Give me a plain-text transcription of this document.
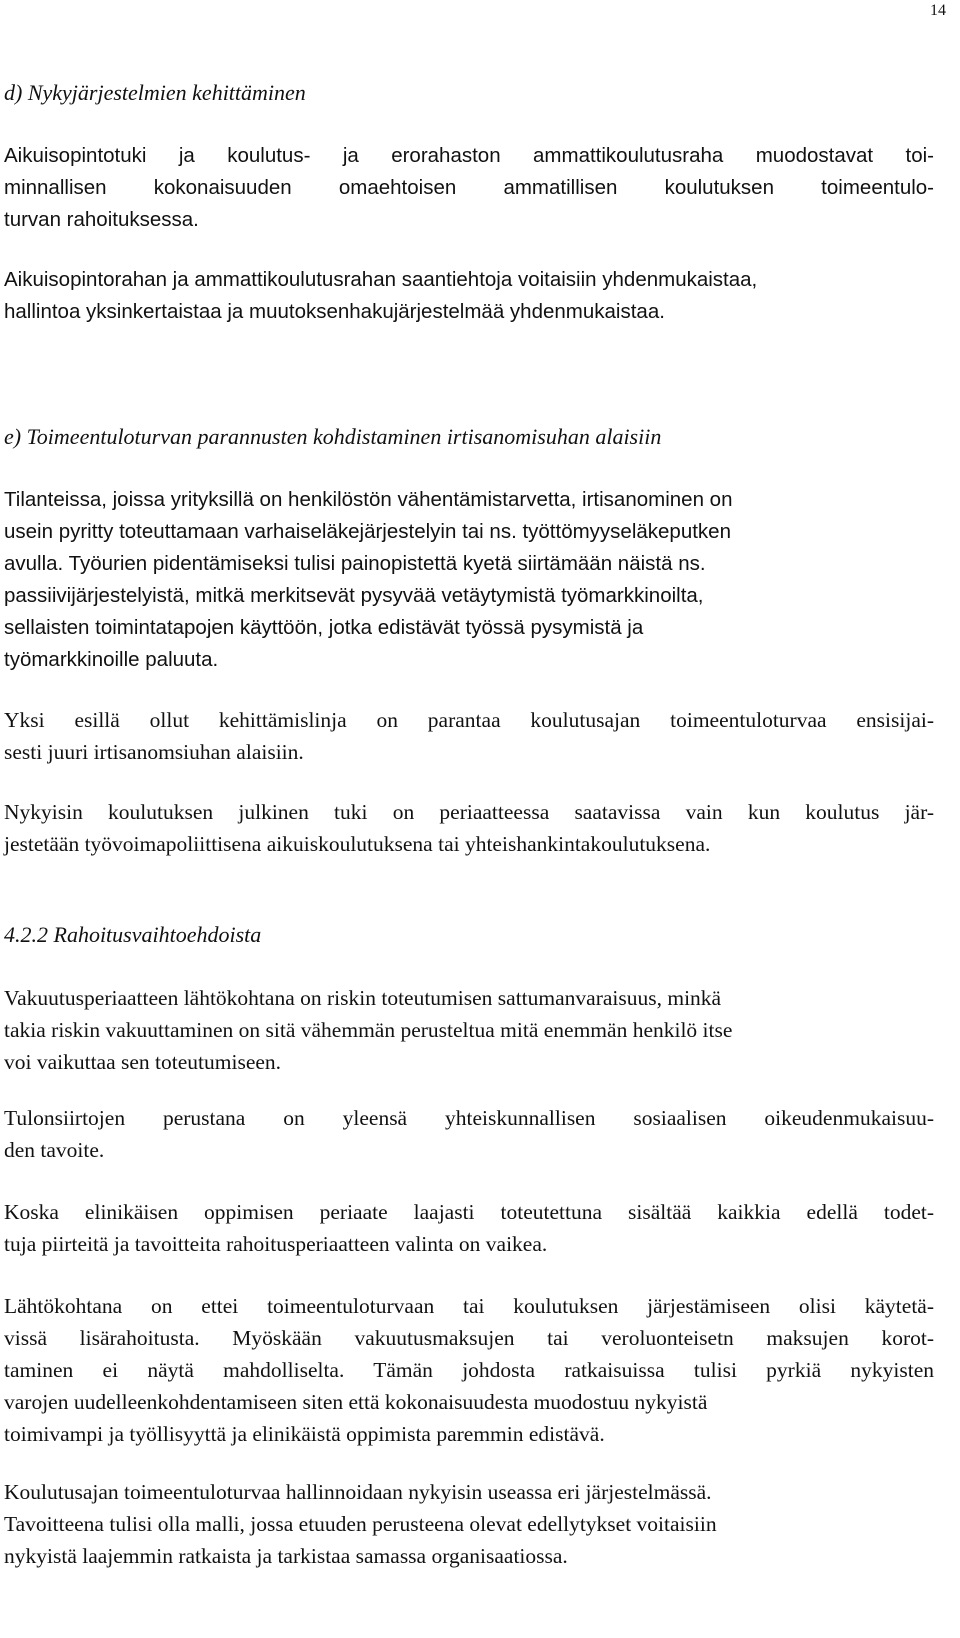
14
d) Nykyjärjestelmien kehittäminen
Aikuisopintotuki ja koulutus- ja erorahaston ammattikoulutusraha muodostavat toi-
minnallisen kokonaisuuden omaehtoisen ammatillisen koulutuksen toimeentulo-
turvan rahoituksessa.
Aikuisopintorahan ja ammattikoulutusrahan saantiehtoja voitaisiin yhdenmukaistaa,
hallintoa yksinkertaistaa ja muutoksenhakujärjestelmää yhdenmukaistaa.
e) Toimeentuloturvan parannusten kohdistaminen irtisanomisuhan alaisiin
Tilanteissa, joissa yrityksillä on henkilöstön vähentämistarvetta, irtisanominen on
usein pyritty toteuttamaan varhaiseläkejärjestelyin tai ns. työttömyyseläkeputken
avulla. Työurien pidentämiseksi tulisi painopistettä kyetä siirtämään näistä ns.
passiivijärjestelyistä, mitkä merkitsevät pysyvää vetäytymistä työmarkkinoilta,
sellaisten toimintatapojen käyttöön, jotka edistävät työssä pysymistä ja
työmarkkinoille paluuta.
Yksi esillä ollut kehittämislinja on parantaa koulutusajan toimeentuloturvaa ensisijai-
sesti juuri irtisanomsiuhan alaisiin.
Nykyisin koulutuksen julkinen tuki on periaatteessa saatavissa vain kun koulutus jär-
jestetään työvoimapoliittisena aikuiskoulutuksena tai yhteishankintakoulutuksena.
4.2.2 Rahoitusvaihtoehdoista
Vakuutusperiaatteen lähtökohtana on riskin toteutumisen sattumanvaraisuus, minkä
takia riskin vakuuttaminen on sitä vähemmän perusteltua mitä enemmän henkilö itse
voi vaikuttaa sen toteutumiseen.
Tulonsiirtojen perustana on yleensä yhteiskunnallisen sosiaalisen oikeudenmukaisuu-
den tavoite.
Koska elinikäisen oppimisen periaate laajasti toteutettuna sisältää kaikkia edellä todet-
tuja piirteitä ja tavoitteita rahoitusperiaatteen valinta on vaikea.
Lähtökohtana on ettei toimeentuloturvaan tai koulutuksen järjestämiseen olisi käytetä-
vissä lisärahoitusta. Myöskään vakuutusmaksujen tai veroluonteisetn maksujen korot-
taminen ei näytä mahdolliselta. Tämän johdosta ratkaisuissa tulisi pyrkiä nykyisten
varojen uudelleenkohdentamiseen siten että kokonaisuudesta muodostuu nykyistä
toimivampi ja työllisyyttä ja elinikäistä oppimista paremmin edistävä.
Koulutusajan toimeentuloturvaa hallinnoidaan nykyisin useassa eri järjestelmässä.
Tavoitteena tulisi olla malli, jossa etuuden perusteena olevat edellytykset voitaisiin
nykyistä laajemmin ratkaista ja tarkistaa samassa organisaatiossa.
